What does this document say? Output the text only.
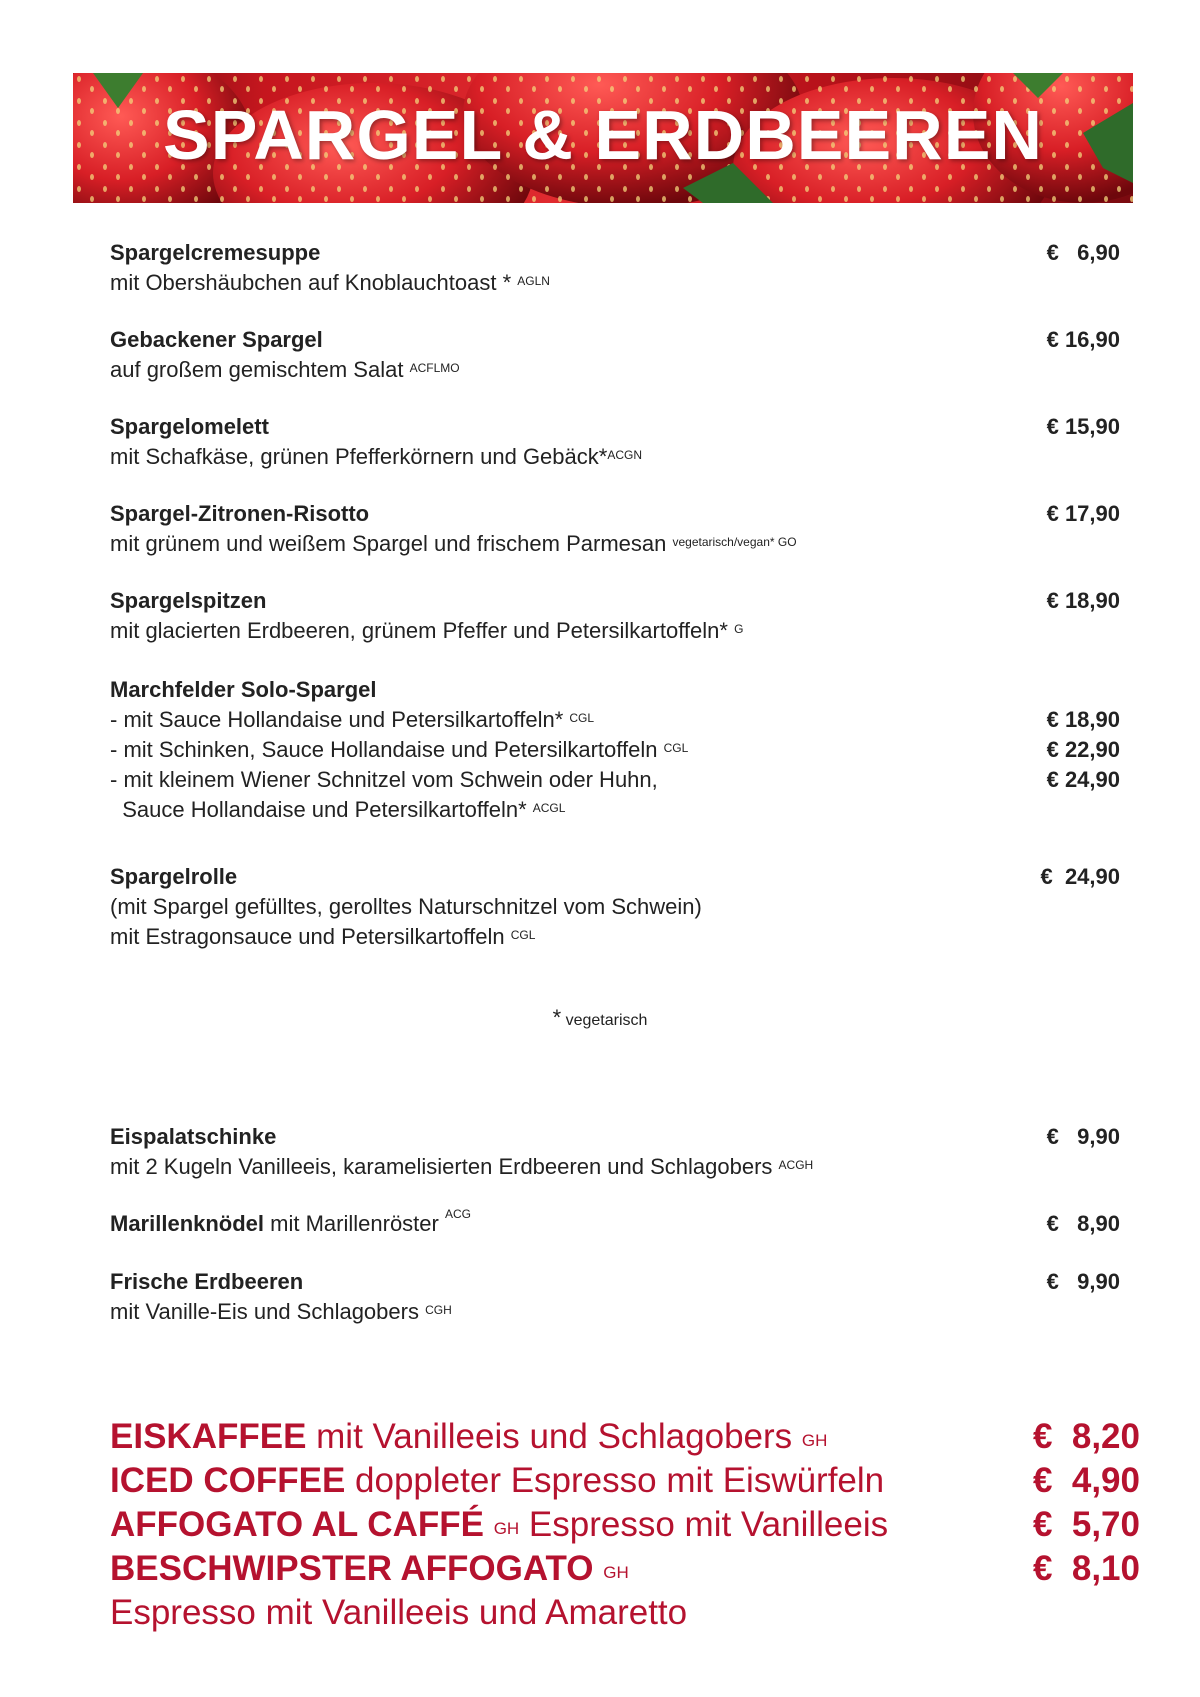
SPARGEL & ERDBEEREN
Spargelcremesuppe	€   6,90
mit Obershäubchen auf Knoblauchtoast * $^{AGLN}$
Gebackener Spargel	€ 16,90
auf großem gemischtem Salat $^{ACFLMO}$
Spargelomelett	€ 15,90
mit Schafkäse, grünen Pfefferkörnern und Gebäck*$^{ACGN}$
Spargel-Zitronen-Risotto	€ 17,90
mit grünem und weißem Spargel und frischem Parmesan $^{vegetarisch/vegan* GO}$
Spargelspitzen	€ 18,90
mit glacierten Erdbeeren, grünem Pfeffer und Petersilkartoffeln* $^G$
Marchfelder Solo-Spargel
- mit Sauce Hollandaise und Petersilkartoffeln* $^{CGL}$	€ 18,90
- mit Schinken, Sauce Hollandaise und Petersilkartoffeln $^{CGL}$	€ 22,90
- mit kleinem Wiener Schnitzel vom Schwein oder Huhn,	€ 24,90
Sauce Hollandaise und Petersilkartoffeln* $^{ACGL}$
Spargelrolle	€  24,90
(mit Spargel gefülltes, gerolltes Naturschnitzel vom Schwein)
mit Estragonsauce und Petersilkartoffeln $^{CGL}$
* vegetarisch
Eispalatschinke	€   9,90
mit 2 Kugeln Vanilleeis, karamelisierten Erdbeeren und Schlagobers $^{ACGH}$
Marillenknödel mit Marillenröster $^{ACG}$	€   8,90
Frische Erdbeeren	€   9,90
mit Vanille-Eis und Schlagobers $^{CGH}$
EISKAFFEE mit Vanilleeis und Schlagobers $^{GH}$	€  8,20
ICED COFFEE doppleter Espresso mit Eiswürfeln	€  4,90
AFFOGATO AL CAFFÉ $^{GH}$ Espresso mit Vanilleeis	€  5,70
BESCHWIPSTER AFFOGATO $^{GH}$	€  8,10
Espresso mit Vanilleeis und Amaretto
